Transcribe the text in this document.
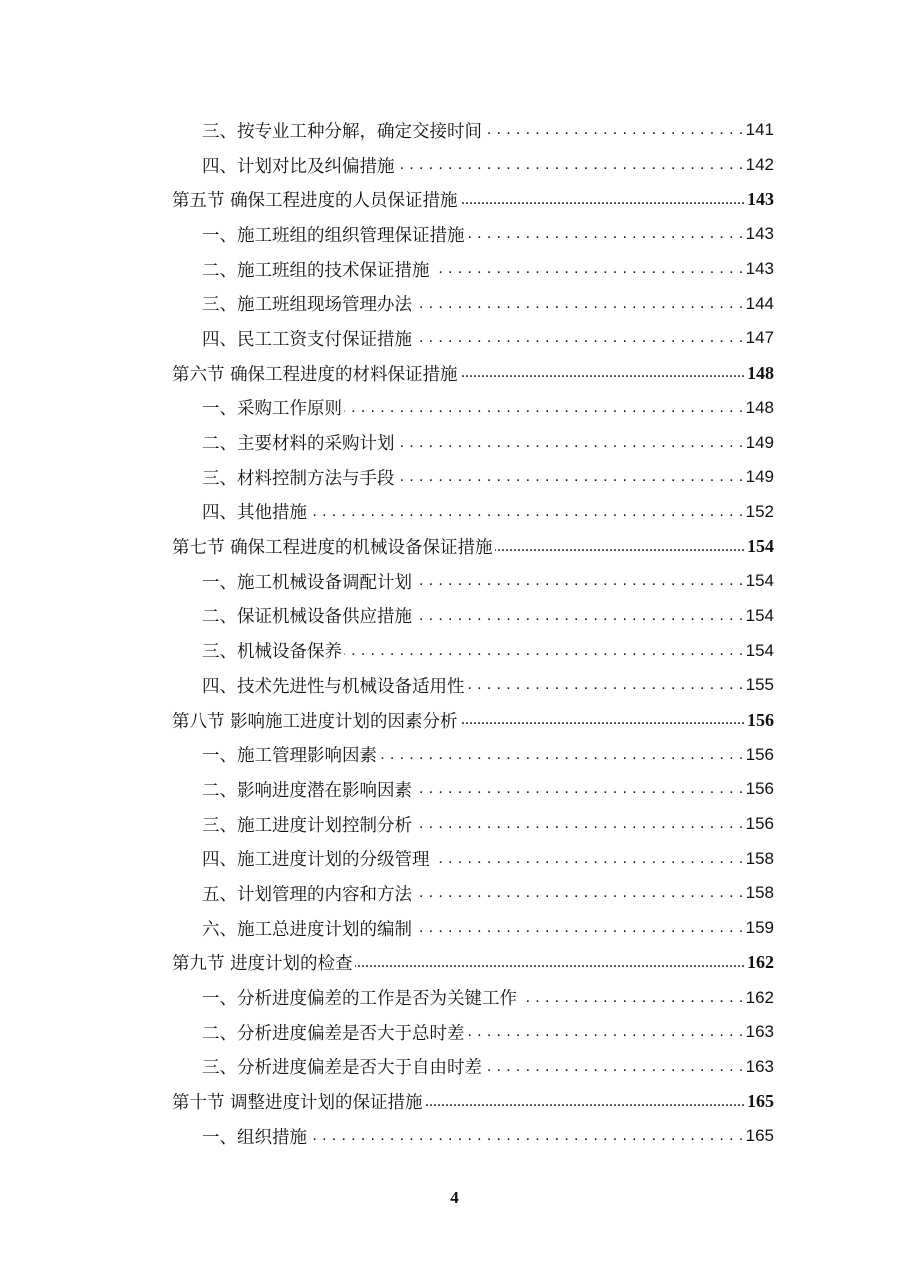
三、按专业工种分解，确定交接时间 . . .	141
四、计划对比及纠偏措施 . . .	142
第五节 确保工程进度的人员保证措施 .....	143
一、施工班组的组织管理保证措施 . . .	143
二、施工班组的技术保证措施 . . .	143
三、施工班组现场管理办法 . . .	144
四、民工工资支付保证措施 . . .	147
第六节 确保工程进度的材料保证措施 .....	148
一、采购工作原则 . . .	148
二、主要材料的采购计划 . . .	149
三、材料控制方法与手段 . . .	149
四、其他措施 . . .	152
第七节 确保工程进度的机械设备保证措施 .....	154
一、施工机械设备调配计划 . . .	154
二、保证机械设备供应措施 . . .	154
三、机械设备保养 . . .	154
四、技术先进性与机械设备适用性 . . .	155
第八节 影响施工进度计划的因素分析 .....	156
一、施工管理影响因素 . . .	156
二、影响进度潜在影响因素 . . .	156
三、施工进度计划控制分析 . . .	156
四、施工进度计划的分级管理 . . .	158
五、计划管理的内容和方法 . . .	158
六、施工总进度计划的编制 . . .	159
第九节 进度计划的检查 .....	162
一、分析进度偏差的工作是否为关键工作 . . .	162
二、分析进度偏差是否大于总时差 . . .	163
三、分析进度偏差是否大于自由时差 . . .	163
第十节 调整进度计划的保证措施 .....	165
一、组织措施 . . .	165
4
